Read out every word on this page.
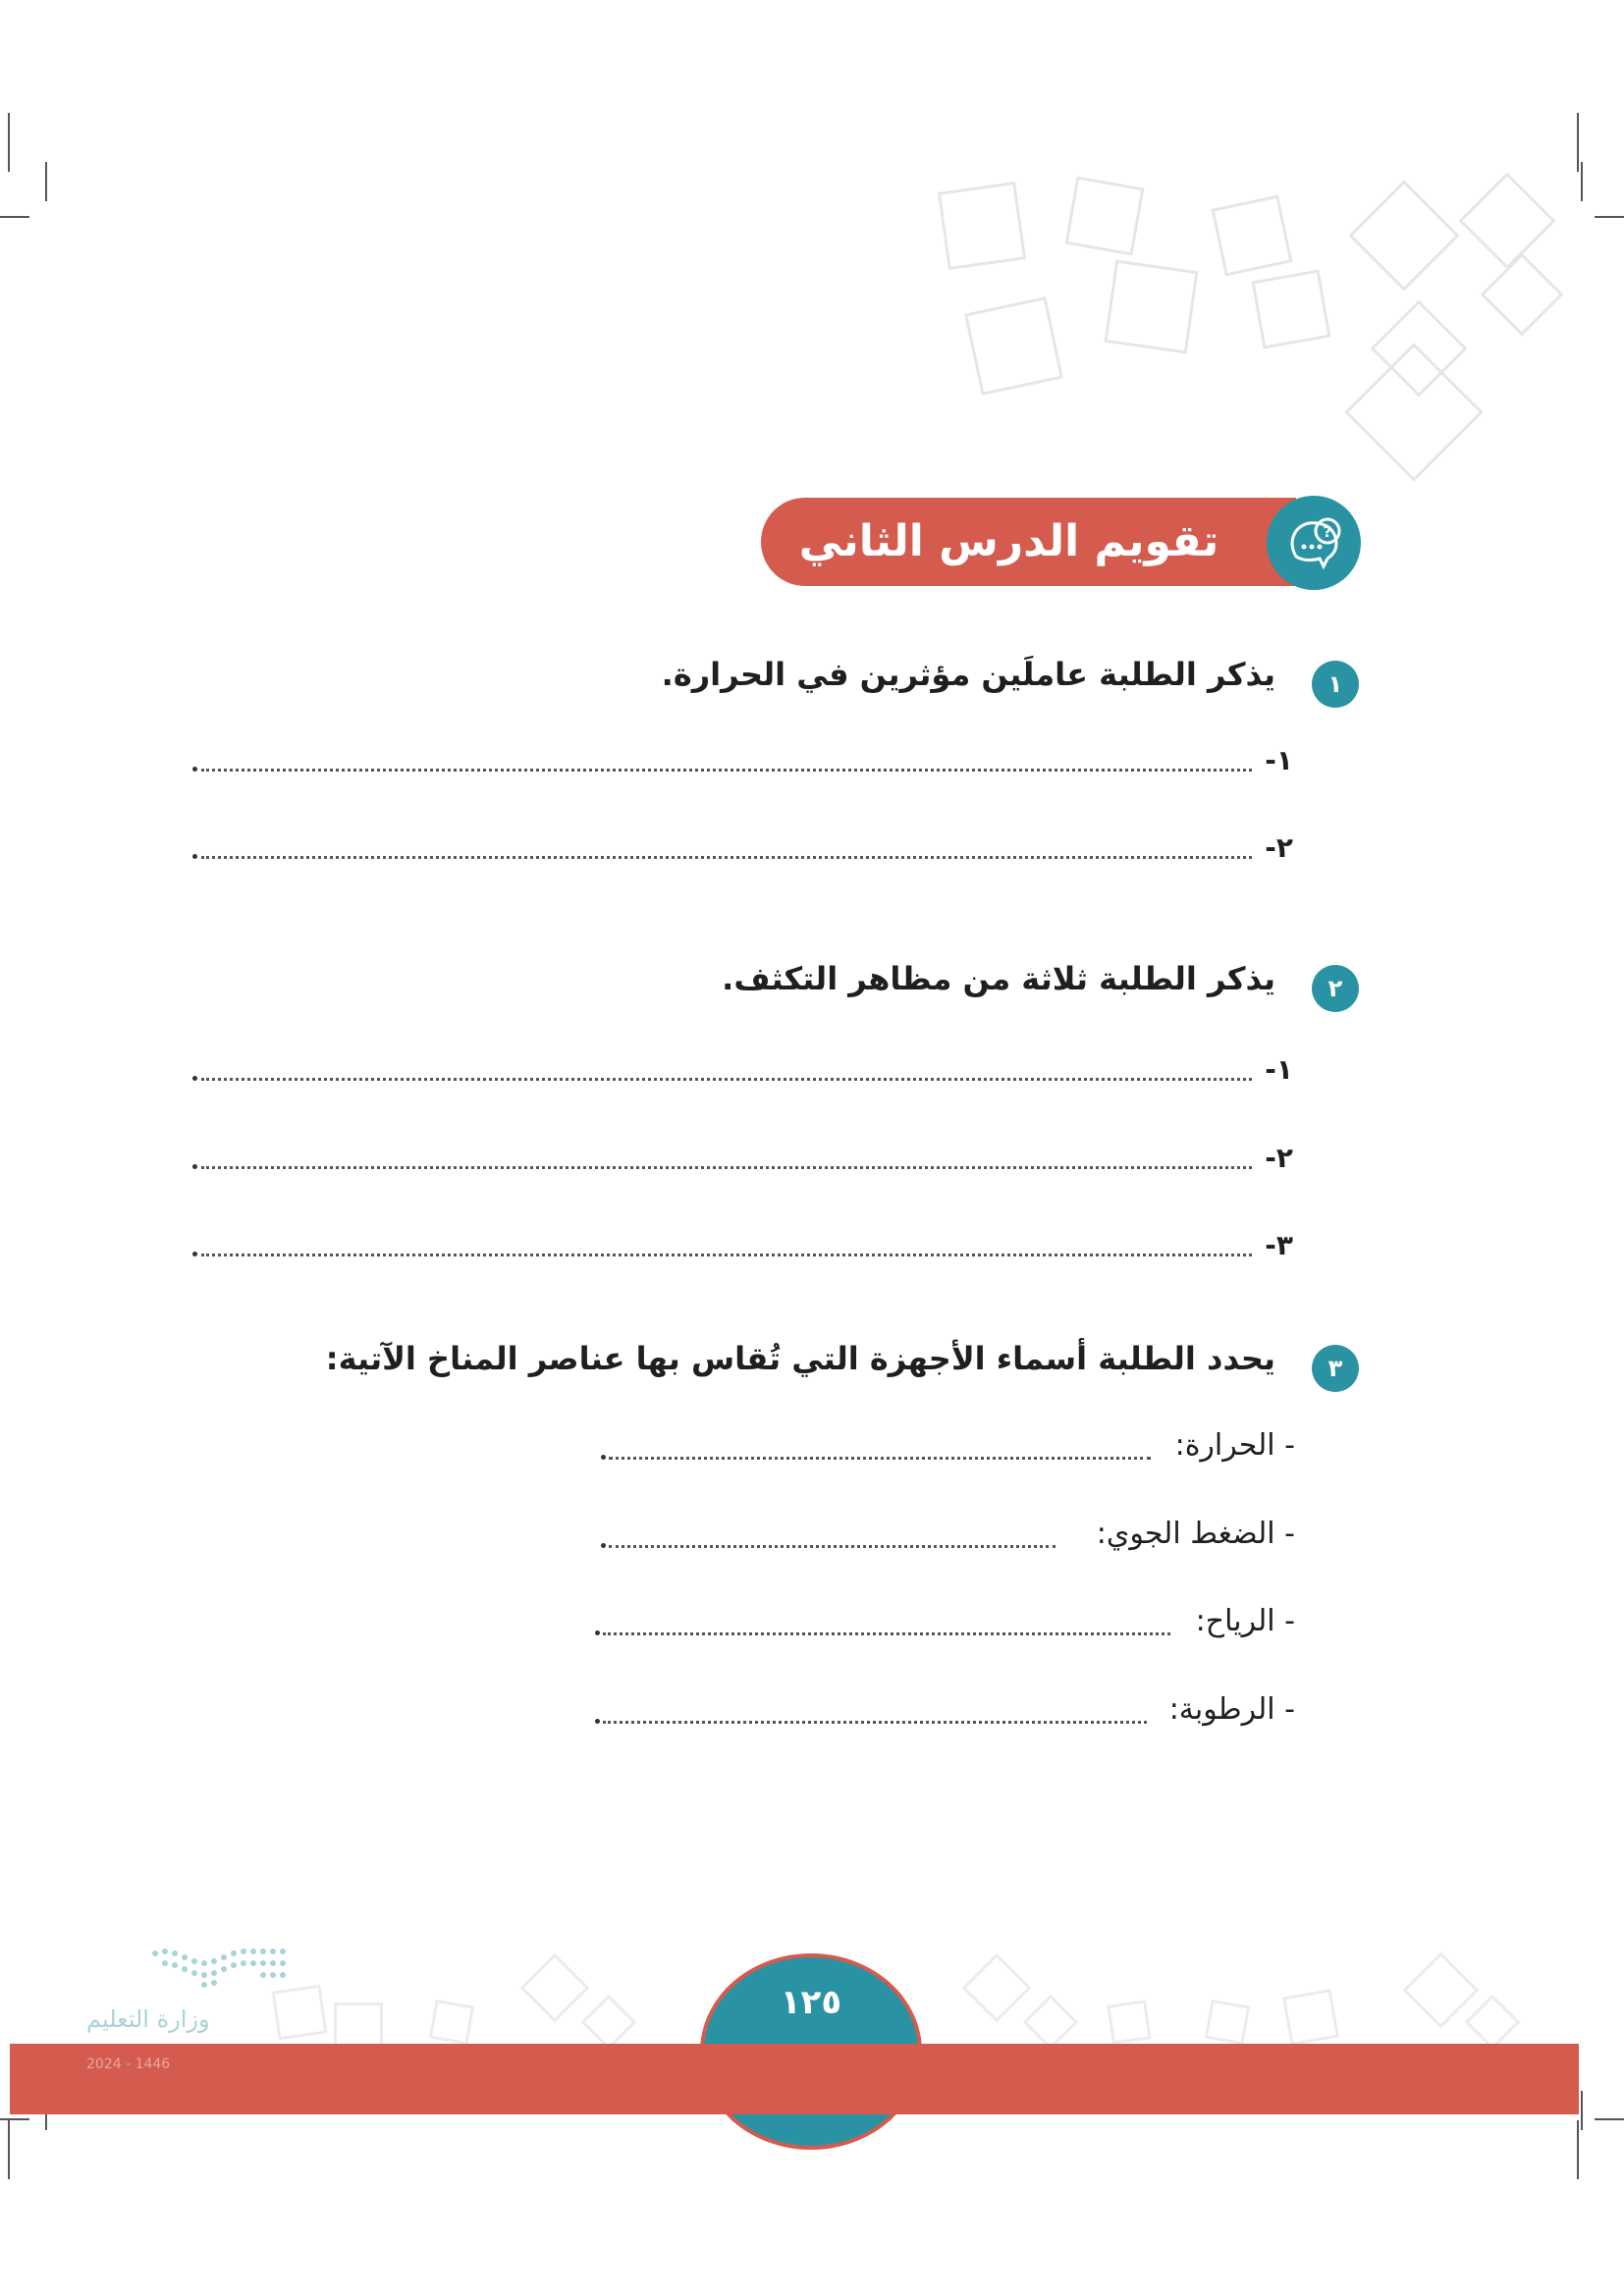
تقويم الدرس الثاني عشر
?
١
يذكر الطلبة عاملَين مؤثرين في الحرارة.
١-
٢-
٢
يذكر الطلبة ثلاثة من مظاهر التكثف.
١-
٢-
٣-
٣
يحدد الطلبة أسماء الأجهزة التي تُقاس بها عناصر المناخ الآتية:
- الحرارة:
- الضغط الجوي:
- الرياح:
- الرطوبة:
١٢٥
وزارة التعليم
2024 - 1446
